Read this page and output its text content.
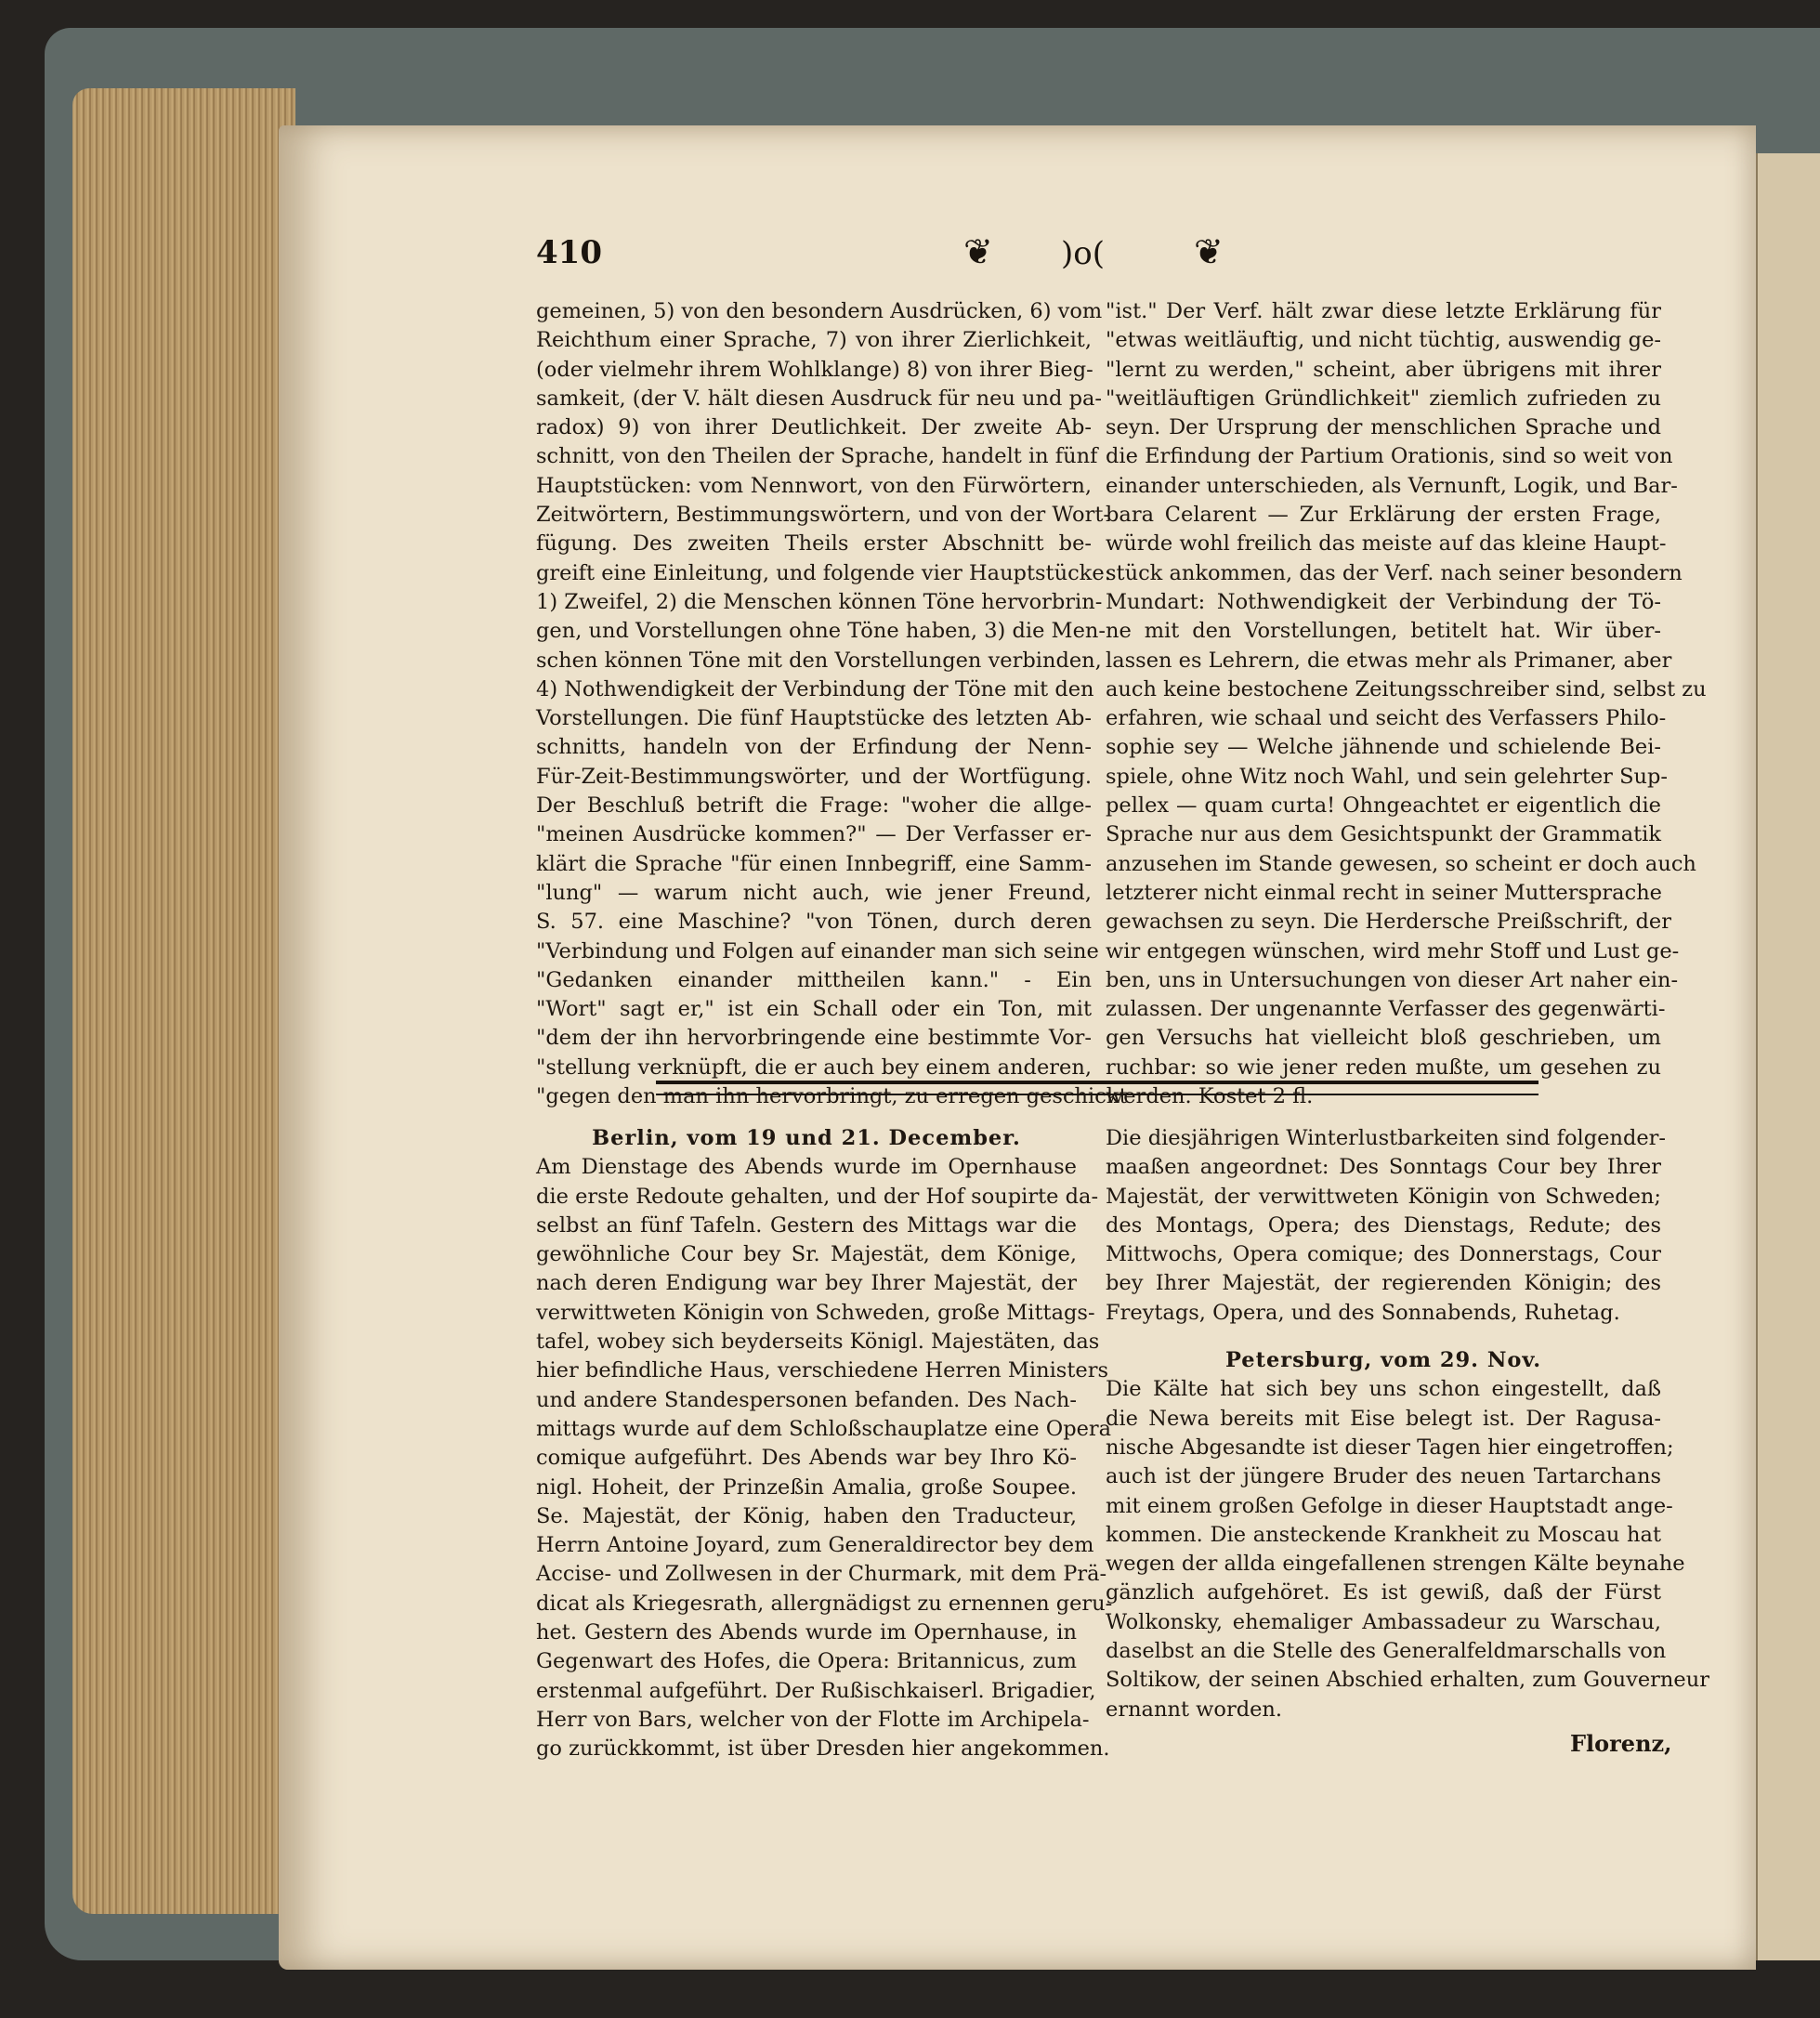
410	❦ )o(	❦

gemeinen, 5) von den besondern Ausdrücken, 6) vom

Reichthum einer Sprache, 7) von ihrer Zierlichkeit,

(oder vielmehr ihrem Wohlklange) 8) von ihrer Bieg-

samkeit, (der V. hält diesen Ausdruck für neu und pa-

radox) 9) von ihrer Deutlichkeit. Der zweite Ab-

schnitt, von den Theilen der Sprache, handelt in fünf

Hauptstücken: vom Nennwort, von den Fürwörtern,

Zeitwörtern, Bestimmungswörtern, und von der Wort-

fügung. Des zweiten Theils erster Abschnitt be-

greift eine Einleitung, und folgende vier Hauptstücke:

1) Zweifel, 2) die Menschen können Töne hervorbrin-

gen, und Vorstellungen ohne Töne haben, 3) die Men-

schen können Töne mit den Vorstellungen verbinden,

4) Nothwendigkeit der Verbindung der Töne mit den

Vorstellungen. Die fünf Hauptstücke des letzten Ab-

schnitts, handeln von der Erfindung der Nenn-

Für-Zeit-Bestimmungswörter, und der Wortfügung.

Der Beschluß betrift die Frage: "woher die allge-

"meinen Ausdrücke kommen?" — Der Verfasser er-

klärt die Sprache "für einen Innbegriff, eine Samm-

"lung" — warum nicht auch, wie jener Freund,

S. 57. eine Maschine? "von Tönen, durch deren

"Verbindung und Folgen auf einander man sich seine

"Gedanken einander mittheilen kann." - Ein

"Wort" sagt er," ist ein Schall oder ein Ton, mit

"dem der ihn hervorbringende eine bestimmte Vor-

"stellung verknüpft, die er auch bey einem anderen,

"gegen den man ihn hervorbringt, zu erregen geschickt

"ist." Der Verf. hält zwar diese letzte Erklärung für

"etwas weitläuftig, und nicht tüchtig, auswendig ge-

"lernt zu werden," scheint, aber übrigens mit ihrer

"weitläuftigen Gründlichkeit" ziemlich zufrieden zu

seyn. Der Ursprung der menschlichen Sprache und

die Erfindung der Partium Orationis, sind so weit von

einander unterschieden, als Vernunft, Logik, und Bar-

bara Celarent — Zur Erklärung der ersten Frage,

würde wohl freilich das meiste auf das kleine Haupt-

stück ankommen, das der Verf. nach seiner besondern

Mundart: Nothwendigkeit der Verbindung der Tö-

ne mit den Vorstellungen, betitelt hat. Wir über-

lassen es Lehrern, die etwas mehr als Primaner, aber

auch keine bestochene Zeitungsschreiber sind, selbst zu

erfahren, wie schaal und seicht des Verfassers Philo-

sophie sey — Welche jähnende und schielende Bei-

spiele, ohne Witz noch Wahl, und sein gelehrter Sup-

pellex — quam curta! Ohngeachtet er eigentlich die

Sprache nur aus dem Gesichtspunkt der Grammatik

anzusehen im Stande gewesen, so scheint er doch auch

letzterer nicht einmal recht in seiner Muttersprache

gewachsen zu seyn. Die Herdersche Preißschrift, der

wir entgegen wünschen, wird mehr Stoff und Lust ge-

ben, uns in Untersuchungen von dieser Art naher ein-

zulassen. Der ungenannte Verfasser des gegenwärti-

gen Versuchs hat vielleicht bloß geschrieben, um

ruchbar: so wie jener reden mußte, um gesehen zu

werden. Kostet 2 fl.

Berlin, vom 19 und 21. December.

Am Dienstage des Abends wurde im Opernhause

die erste Redoute gehalten, und der Hof soupirte da-

selbst an fünf Tafeln. Gestern des Mittags war die

gewöhnliche Cour bey Sr. Majestät, dem Könige,

nach deren Endigung war bey Ihrer Majestät, der

verwittweten Königin von Schweden, große Mittags-

tafel, wobey sich beyderseits Königl. Majestäten, das

hier befindliche Haus, verschiedene Herren Ministers

und andere Standespersonen befanden. Des Nach-

mittags wurde auf dem Schloßschauplatze eine Opera

comique aufgeführt. Des Abends war bey Ihro Kö-

nigl. Hoheit, der Prinzeßin Amalia, große Soupee.

Se. Majestät, der König, haben den Traducteur,

Herrn Antoine Joyard, zum Generaldirector bey dem

Accise- und Zollwesen in der Churmark, mit dem Prä-

dicat als Kriegesrath, allergnädigst zu ernennen geru-

het. Gestern des Abends wurde im Opernhause, in

Gegenwart des Hofes, die Opera: Britannicus, zum

erstenmal aufgeführt. Der Rußischkaiserl. Brigadier,

Herr von Bars, welcher von der Flotte im Archipela-

go zurückkommt, ist über Dresden hier angekommen.

Die diesjährigen Winterlustbarkeiten sind folgender-

maaßen angeordnet: Des Sonntags Cour bey Ihrer

Majestät, der verwittweten Königin von Schweden;

des Montags, Opera; des Dienstags, Redute; des

Mittwochs, Opera comique; des Donnerstags, Cour

bey Ihrer Majestät, der regierenden Königin; des

Freytags, Opera, und des Sonnabends, Ruhetag.

Petersburg, vom 29. Nov.

Die Kälte hat sich bey uns schon eingestellt, daß

die Newa bereits mit Eise belegt ist. Der Ragusa-

nische Abgesandte ist dieser Tagen hier eingetroffen;

auch ist der jüngere Bruder des neuen Tartarchans

mit einem großen Gefolge in dieser Hauptstadt ange-

kommen. Die ansteckende Krankheit zu Moscau hat

wegen der allda eingefallenen strengen Kälte beynahe

gänzlich aufgehöret. Es ist gewiß, daß der Fürst

Wolkonsky, ehemaliger Ambassadeur zu Warschau,

daselbst an die Stelle des Generalfeldmarschalls von

Soltikow, der seinen Abschied erhalten, zum Gouverneur

ernannt worden.

Florenz,
